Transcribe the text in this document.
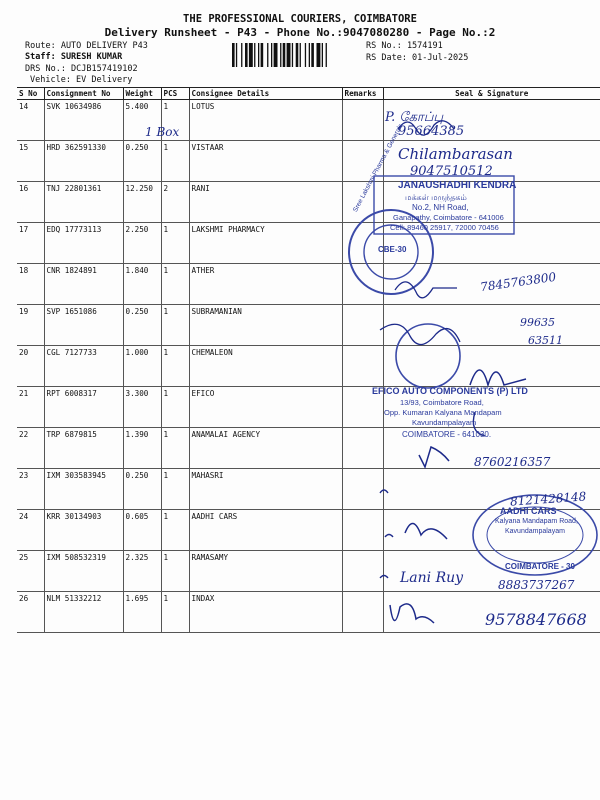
THE PROFESSIONAL COURIERS, COIMBATORE
Delivery Runsheet - P43 - Phone No.:9047080280 - Page No.:2
Route: AUTO DELIVERY P43
Staff: SURESH KUMAR
DRS No.: DCJB157419102
Vehicle: EV Delivery
RS No.: 1574191
RS Date: 01-Jul-2025
S No	Consignment No	Weight	PCS	Consignee Details	Remarks	Seal & Signature
14	SVK 10634986	5.400	1	LOTUS		
15	HRD 362591330	0.250	1	VISTAAR		
16	TNJ 22801361	12.250	2	RANI		
17	EDQ 17773113	2.250	1	LAKSHMI PHARMACY		
18	CNR 1824891	1.840	1	ATHER		
19	SVP 1651086	0.250	1	SUBRAMANIAN		
20	CGL 7127733	1.000	1	CHEMALEON		
21	RPT 6008317	3.300	1	EFICO		
22	TRP 6879815	1.390	1	ANAMALAI AGENCY		
23	IXM 303583945	0.250	1	MAHASRI		
24	KRR 30134903	0.605	1	AADHI CARS		
25	IXM 508532319	2.325	1	RAMASAMY		
26	NLM 51332212	1.695	1	INDAX		
1 Box
P. கோப்பு
95664385
Chilambarasan
9047510512
JANAUSHADHI KENDRA
மக்கள் மருந்தகம்
No.2, NH Road,
Ganapathy, Coimbatore - 641006
Cell: 89460 25917, 72000 70456
Sree Lakshmi Pharma & Generals
CBE-30
7845763800
99635
63511
EFICO AUTO COMPONENTS (P) LTD
13/93, Coimbatore Road,
Opp. Kumaran Kalyana Mandapam
Kavundampalayam
COIMBATORE - 641030.
8760216357
8121428148
AADHI CARS
Kalyana Mandapam Road,
Kavundampalayam
COIMBATORE - 30
Lani Ruy	8883737267
9578847668
